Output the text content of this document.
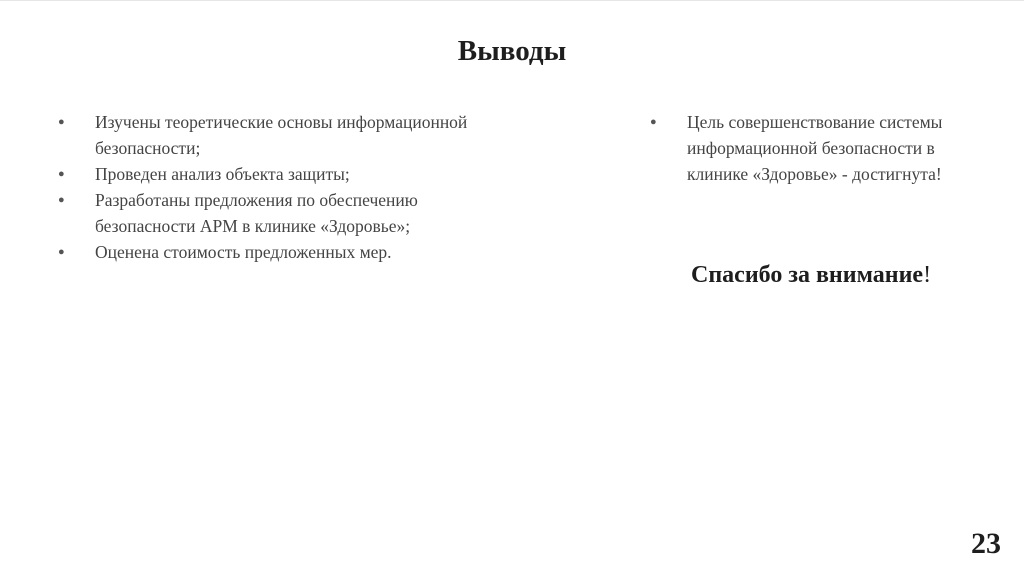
Выводы
●	Изучены теоретические основы информационной безопасности;
●	Проведен анализ объекта защиты;
●	Разработаны предложения по обеспечению безопасности АРМ в клинике «Здоровье»;
●	Оценена стоимость предложенных мер.
●	Цель совершенствование системы информационной безопасности в клинике «Здоровье» - достигнута!

Спасибо за внимание!

23
